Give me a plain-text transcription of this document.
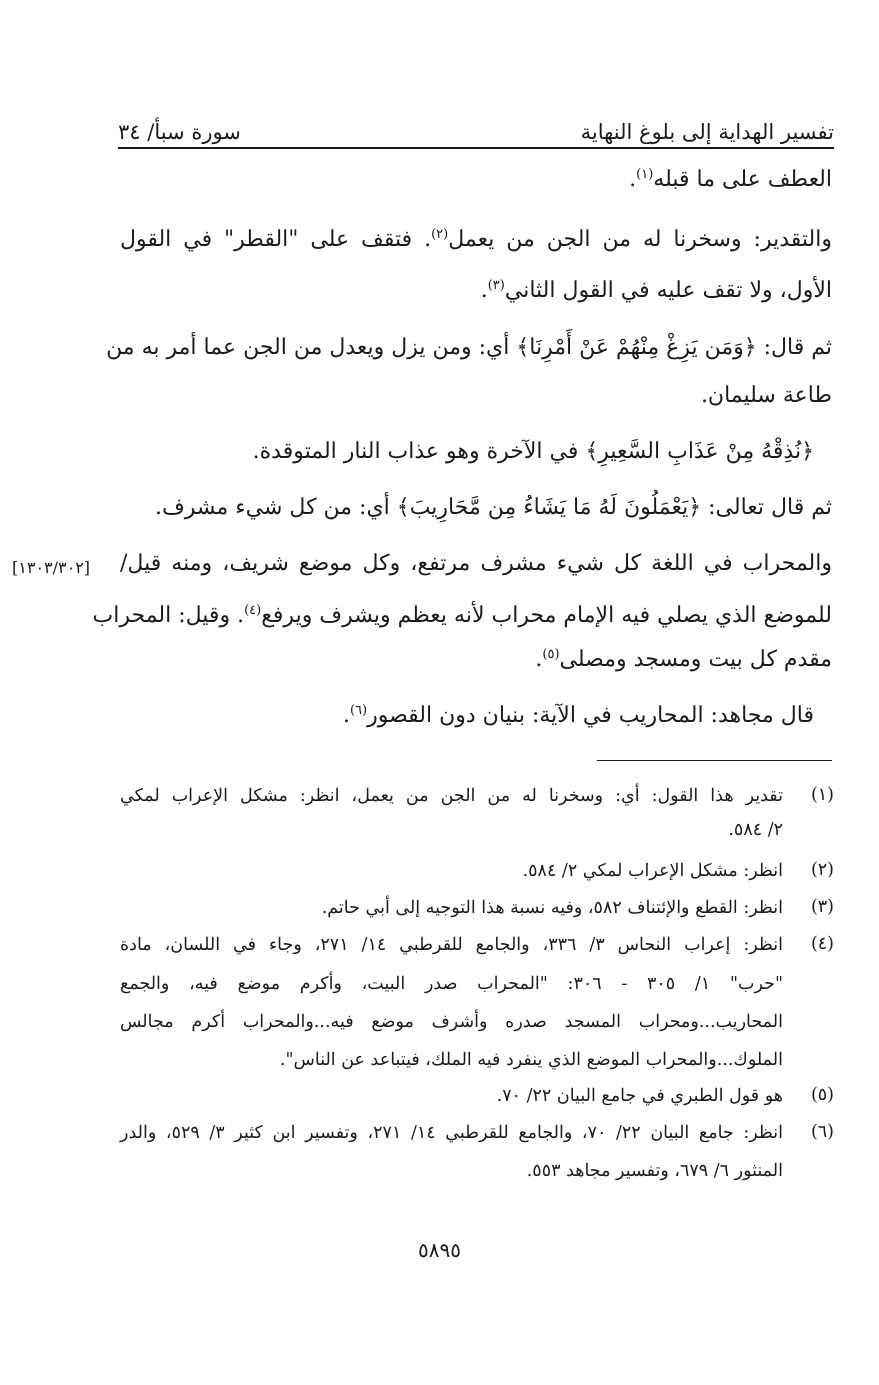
تفسير الهداية إلى بلوغ النهاية
سورة سبأ/ ٣٤
العطف على ما قبله$^{(١)}$.
والتقدير: وسخرنا له من الجن من يعمل$^{(٢)}$. فتقف على "القطر" في القول
الأول، ولا تقف عليه في القول الثاني$^{(٣)}$.
ثم قال: ﴿وَمَن يَزِغْ مِنْهُمْ عَنْ أَمْرِنَا﴾ أي: ومن يزل ويعدل من الجن عما أمر به من
طاعة سليمان.
﴿نُذِقْهُ مِنْ عَذَابِ السَّعِيرِ﴾ في الآخرة وهو عذاب النار المتوقدة.
ثم قال تعالى: ﴿يَعْمَلُونَ لَهُ مَا يَشَاءُ مِن مَّحَارِيبَ﴾ أي: من كل شيء مشرف.
والمحراب في اللغة كل شيء مشرف مرتفع، وكل موضع شريف، ومنه قيل/
[١٣٠٣/٣٠٢]
للموضع الذي يصلي فيه الإمام محراب لأنه يعظم ويشرف ويرفع$^{(٤)}$. وقيل: المحراب
مقدم كل بيت ومسجد ومصلى$^{(٥)}$.
قال مجاهد: المحاريب في الآية: بنيان دون القصور$^{(٦)}$.
(١)
تقدير هذا القول: أي: وسخرنا له من الجن من يعمل، انظر: مشكل الإعراب لمكي
٢/ ٥٨٤.
(٢)
انظر: مشكل الإعراب لمكي ٢/ ٥٨٤.
(٣)
انظر: القطع والإئتناف ٥٨٢، وفيه نسبة هذا التوجيه إلى أبي حاتم.
(٤)
انظر: إعراب النحاس ٣/ ٣٣٦، والجامع للقرطبي ١٤/ ٢٧١، وجاء في اللسان، مادة
"حرب" ١/ ٣٠٥ - ٣٠٦: "المحراب صدر البيت، وأكرم موضع فيه، والجمع
المحاريب...ومحراب المسجد صدره وأشرف موضع فيه...والمحراب أكرم مجالس
الملوك...والمحراب الموضع الذي ينفرد فيه الملك، فيتباعد عن الناس".
(٥)
هو قول الطبري في جامع البيان ٢٢/ ٧٠.
(٦)
انظر: جامع البيان ٢٢/ ٧٠، والجامع للقرطبي ١٤/ ٢٧١، وتفسير ابن كثير ٣/ ٥٢٩، والدر
المنثور ٦/ ٦٧٩، وتفسير مجاهد ٥٥٣.
٥٨٩٥
